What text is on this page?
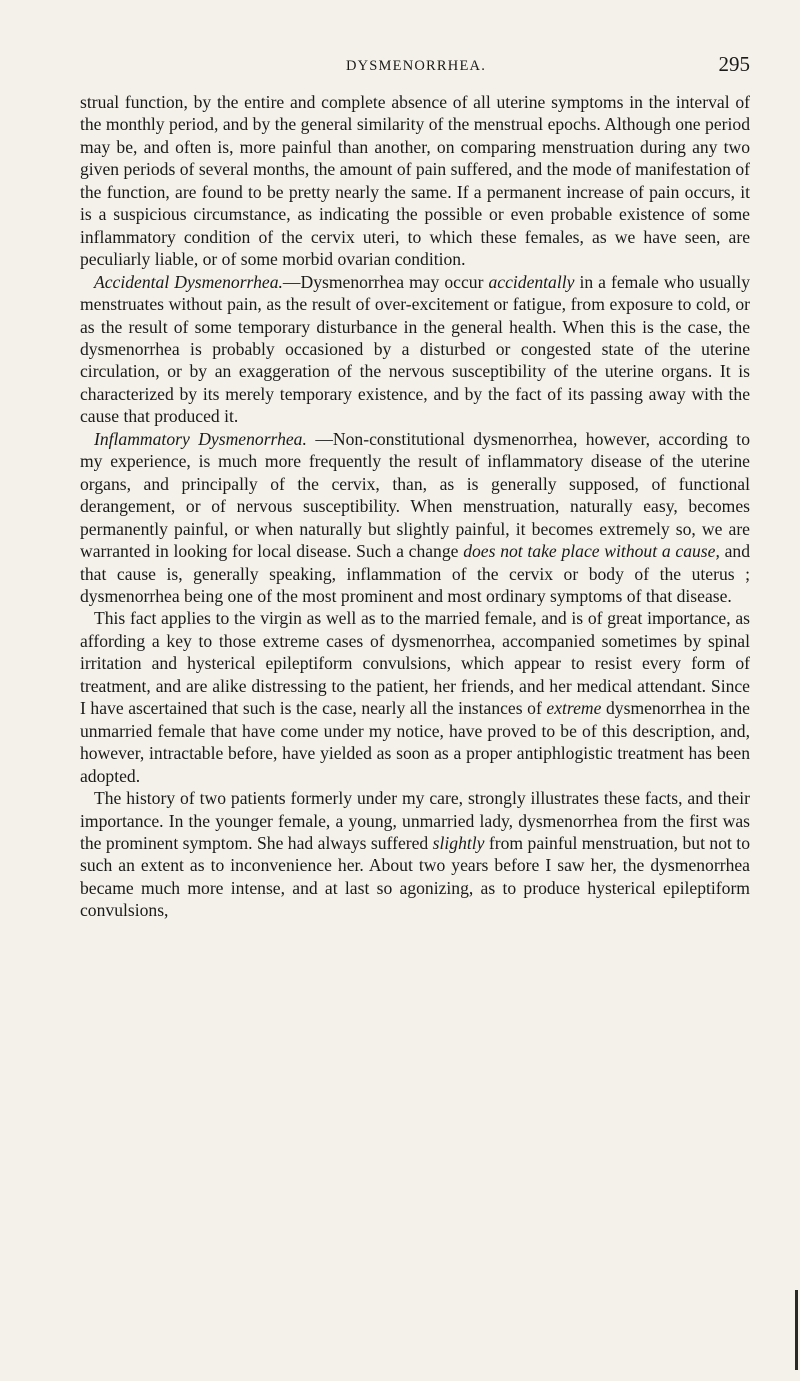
DYSMENORRHEA.	295

strual function, by the entire and complete absence of all uterine symptoms in the interval of the monthly period, and by the general similarity of the menstrual epochs. Although one period may be, and often is, more painful than another, on comparing menstruation during any two given periods of several months, the amount of pain suffered, and the mode of manifestation of the function, are found to be pretty nearly the same. If a permanent increase of pain occurs, it is a suspicious circumstance, as indicating the possible or even probable existence of some inflammatory condition of the cervix uteri, to which these females, as we have seen, are peculiarly liable, or of some morbid ovarian condition.

Accidental Dysmenorrhea.—Dysmenorrhea may occur accidentally in a female who usually menstruates without pain, as the result of over-excitement or fatigue, from exposure to cold, or as the result of some temporary disturbance in the general health. When this is the case, the dysmenorrhea is probably occasioned by a disturbed or congested state of the uterine circulation, or by an exaggeration of the nervous susceptibility of the uterine organs. It is characterized by its merely temporary existence, and by the fact of its passing away with the cause that produced it.

Inflammatory Dysmenorrhea. —Non-constitutional dysmenorrhea, however, according to my experience, is much more frequently the result of inflammatory disease of the uterine organs, and principally of the cervix, than, as is generally supposed, of functional derangement, or of nervous susceptibility. When menstruation, naturally easy, becomes permanently painful, or when naturally but slightly painful, it becomes extremely so, we are warranted in looking for local disease. Such a change does not take place without a cause, and that cause is, generally speaking, inflammation of the cervix or body of the uterus ; dysmenorrhea being one of the most prominent and most ordinary symptoms of that disease.

This fact applies to the virgin as well as to the married female, and is of great importance, as affording a key to those extreme cases of dysmenorrhea, accompanied sometimes by spinal irritation and hysterical epileptiform convulsions, which appear to resist every form of treatment, and are alike distressing to the patient, her friends, and her medical attendant. Since I have ascertained that such is the case, nearly all the instances of extreme dysmenorrhea in the unmarried female that have come under my notice, have proved to be of this description, and, however, intractable before, have yielded as soon as a proper antiphlogistic treatment has been adopted.

The history of two patients formerly under my care, strongly illustrates these facts, and their importance. In the younger female, a young, unmarried lady, dysmenorrhea from the first was the prominent symptom. She had always suffered slightly from painful menstruation, but not to such an extent as to inconvenience her. About two years before I saw her, the dysmenorrhea became much more intense, and at last so agonizing, as to produce hysterical epileptiform convulsions,
